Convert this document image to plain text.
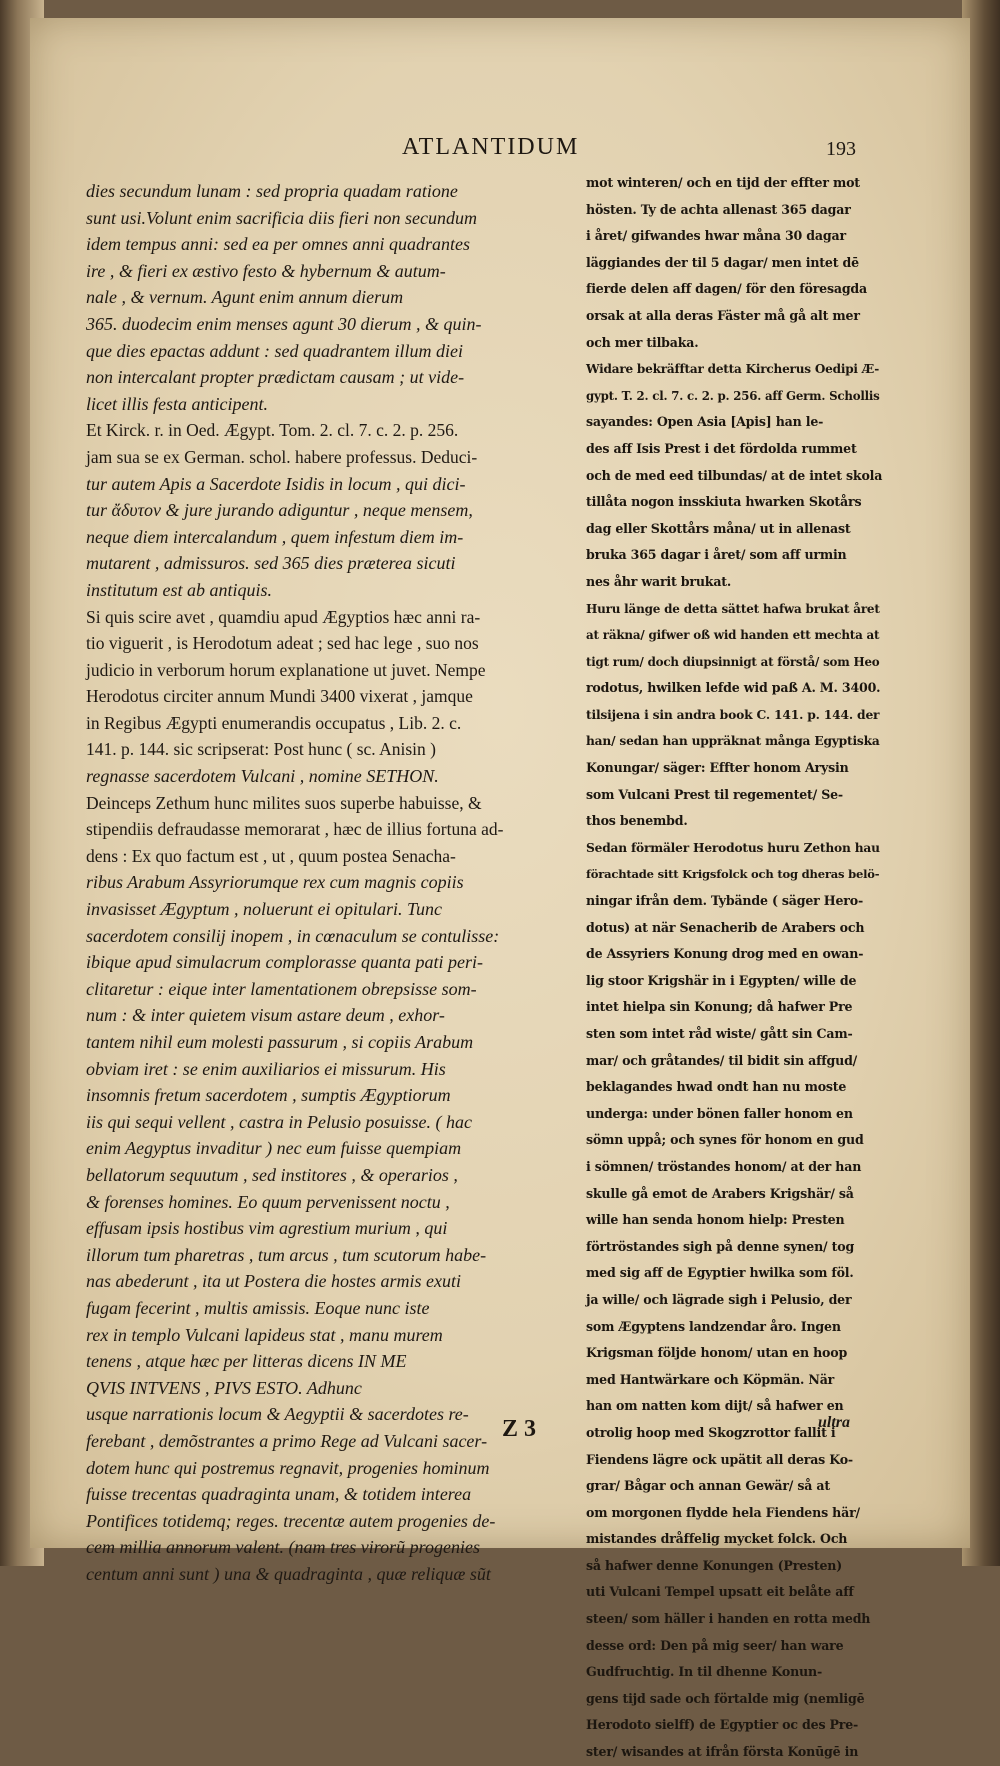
ATLANTIDUM	193
dies secundum lunam : sed propria quadam ratione
sunt usi.Volunt enim sacrificia diis fieri non secundum
idem tempus anni: sed ea per omnes anni quadrantes
ire , & fieri ex æstivo festo & hybernum & autum-
nale , & vernum. Agunt enim annum dierum
365. duodecim enim menses agunt 30 dierum , & quin-
que dies epactas addunt : sed quadrantem illum diei
non intercalant propter prædictam causam ; ut vide-
licet illis festa anticipent.
Et Kirck. r. in Oed. Ægypt. Tom. 2. cl. 7. c. 2. p. 256.
jam sua se ex German. schol. habere professus. Deduci-
tur autem Apis a Sacerdote Isidis in locum , qui dici-
tur ἄδυτον & jure jurando adiguntur , neque mensem,
neque diem intercalandum , quem infestum diem im-
mutarent , admissuros. sed 365 dies præterea sicuti
institutum est ab antiquis.
Si quis scire avet , quamdiu apud Ægyptios hæc anni ra-
tio viguerit , is Herodotum adeat ; sed hac lege , suo nos
judicio in verborum horum explanatione ut juvet. Nempe
Herodotus circiter annum Mundi 3400 vixerat , jamque
in Regibus Ægypti enumerandis occupatus , Lib. 2. c.
141. p. 144. sic scripserat: Post hunc ( sc. Anisin )
regnasse sacerdotem Vulcani , nomine SETHON.
Deinceps Zethum hunc milites suos superbe habuisse, &
stipendiis defraudasse memorarat , hæc de illius fortuna ad-
dens : Ex quo factum est , ut , quum postea Senacha-
ribus Arabum Assyriorumque rex cum magnis copiis
invasisset Ægyptum , noluerunt ei opitulari. Tunc
sacerdotem consilij inopem , in cœnaculum se contulisse:
ibique apud simulacrum complorasse quanta pati peri-
clitaretur : eique inter lamentationem obrepsisse som-
num : & inter quietem visum astare deum , exhor-
tantem nihil eum molesti passurum , si copiis Arabum
obviam iret : se enim auxiliarios ei missurum. His
insomnis fretum sacerdotem , sumptis Ægyptiorum
iis qui sequi vellent , castra in Pelusio posuisse. ( hac
enim Aegyptus invaditur ) nec eum fuisse quempiam
bellatorum sequutum , sed institores , & operarios ,
& forenses homines. Eo quum pervenissent noctu ,
effusam ipsis hostibus vim agrestium murium , qui
illorum tum pharetras , tum arcus , tum scutorum habe-
nas abederunt , ita ut Postera die hostes armis exuti
fugam fecerint , multis amissis. Eoque nunc iste
rex in templo Vulcani lapideus stat , manu murem
tenens , atque hæc per litteras dicens IN ME
QVIS INTVENS , PIVS ESTO. Adhunc
usque narrationis locum & Aegyptii & sacerdotes re-
ferebant , demõstrantes a primo Rege ad Vulcani sacer-
dotem hunc qui postremus regnavit, progenies hominum
fuisse trecentas quadraginta unam, & totidem interea
Pontifices totidemq; reges. trecentæ autem progenies de-
cem millia annorum valent. (nam tres virorũ progenies
centum anni sunt ) una & quadraginta , quæ reliquæ sũt
mot winteren/ och en tijd der effter mot
hösten. Ty de achta allenast 365 dagar
i året/ gifwandes hwar måna 30 dagar
läggiandes der til 5 dagar/ men intet dē
fierde delen aff dagen/ för den föresagda
orsak at alla deras Fäster må gå alt mer
och mer tilbaka.
Widare bekräfftar detta Kircherus Oedipi Æ-
gypt. T. 2. cl. 7. c. 2. p. 256. aff Germ. Schollis
sayandes: Open Asia [Apis] han le-
des aff Isis Prest i det fördolda rummet
och de med eed tilbundas/ at de intet skola
tillåta nogon insskiuta hwarken Skotårs
dag eller Skottårs måna/ ut in allenast
bruka 365 dagar i året/ som aff urmin
nes åhr warit brukat.
Huru länge de detta sättet hafwa brukat året
at räkna/ gifwer oß wid handen ett mechta at
tigt rum/ doch diupsinnigt at förstå/ som Heo
rodotus, hwilken lefde wid paß A. M. 3400.
tilsijena i sin andra book C. 141. p. 144. der
han/ sedan han uppräknat många Egyptiska
Konungar/ säger: Effter honom Arysin
som Vulcani Prest til regementet/ Se-
thos benembd.
Sedan förmäler Herodotus huru Zethon hau
förachtade sitt Krigsfolck och tog dheras belö-
ningar ifrån dem. Tybände ( säger Hero-
dotus) at när Senacherib de Arabers och
de Assyriers Konung drog med en owan-
lig stoor Krigshär in i Egypten/ wille de
intet hielpa sin Konung; då hafwer Pre
sten som intet råd wiste/ gått sin Cam-
mar/ och gråtandes/ til bidit sin affgud/
beklagandes hwad ondt han nu moste
underga: under bönen faller honom en
sömn uppå; och synes för honom en gud
i sömnen/ tröstandes honom/ at der han
skulle gå emot de Arabers Krigshär/ så
wille han senda honom hielp: Presten
förtröstandes sigh på denne synen/ tog
med sig aff de Egyptier hwilka som föl.
ja wille/ och lägrade sigh i Pelusio, der
som Ægyptens landzendar åro. Ingen
Krigsman följde honom/ utan en hoop
med Hantwärkare och Köpmän. När
han om natten kom dijt/ så hafwer en
otrolig hoop med Skogzrottor fallit i
Fiendens lägre ock upätit all deras Ko-
grar/ Bågar och annan Gewär/ så at
om morgonen flydde hela Fiendens här/
mistandes dråffelig mycket folck. Och
så hafwer denne Konungen (Presten)
uti Vulcani Tempel upsatt eit belåte aff
steen/ som häller i handen en rotta medh
desse ord: Den på mig seer/ han ware
Gudfruchtig. In til dhenne Konun-
gens tijd sade och förtalde mig (nemligē
Herodoto sielff) de Egyptier oc des Pre-
ster/ wisandes at ifrån första Konūgē in
Z 3	ultra
